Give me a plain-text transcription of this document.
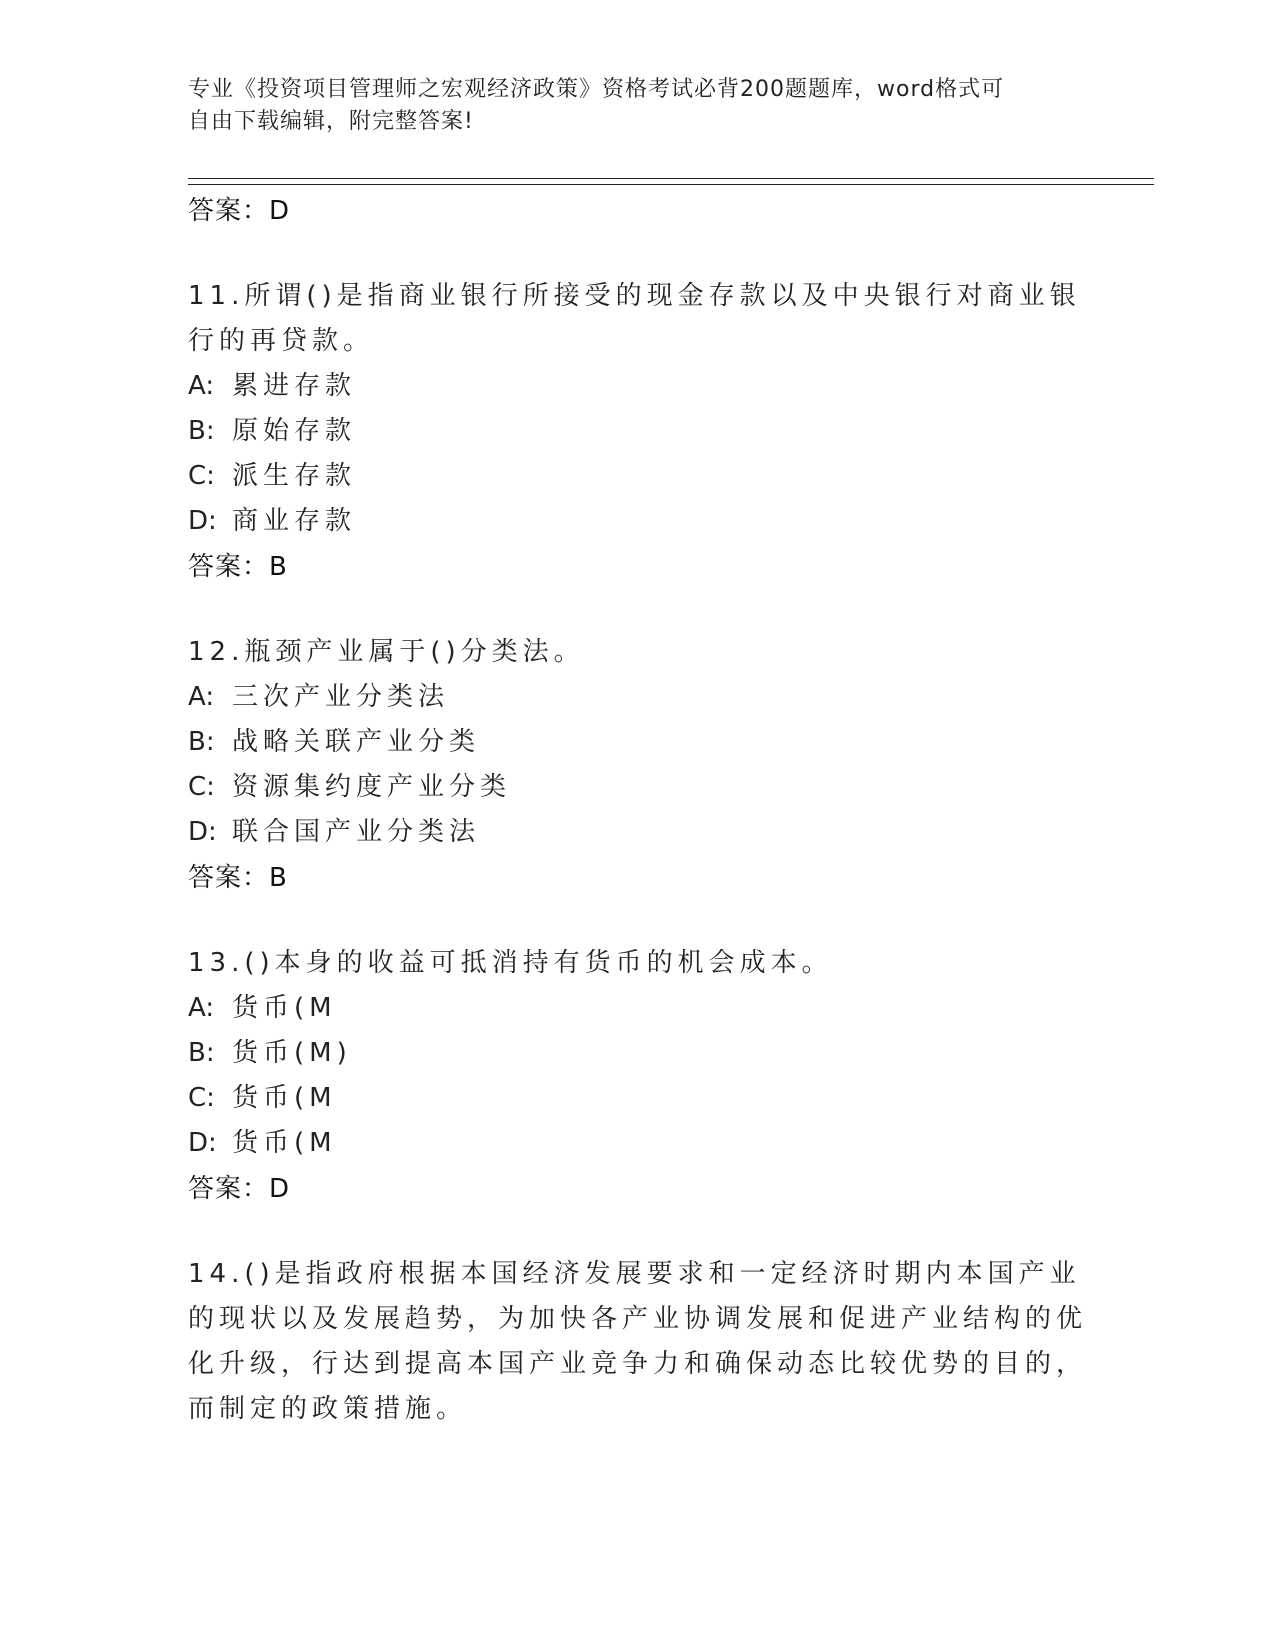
专业《投资项目管理师之宏观经济政策》资格考试必背200题题库，word格式可
自由下载编辑，附完整答案!
答案：D
11.所谓()是指商业银行所接受的现金存款以及中央银行对商业银行的再贷款。
A: 累进存款
B: 原始存款
C: 派生存款
D: 商业存款
答案：B
12.瓶颈产业属于()分类法。
A: 三次产业分类法
B: 战略关联产业分类
C: 资源集约度产业分类
D: 联合国产业分类法
答案：B
13.()本身的收益可抵消持有货币的机会成本。
A: 货币(M
B: 货币(M)
C: 货币(M
D: 货币(M
答案：D
14.()是指政府根据本国经济发展要求和一定经济时期内本国产业的现状以及发展趋势，为加快各产业协调发展和促进产业结构的优化升级，行达到提高本国产业竞争力和确保动态比较优势的目的，而制定的政策措施。
